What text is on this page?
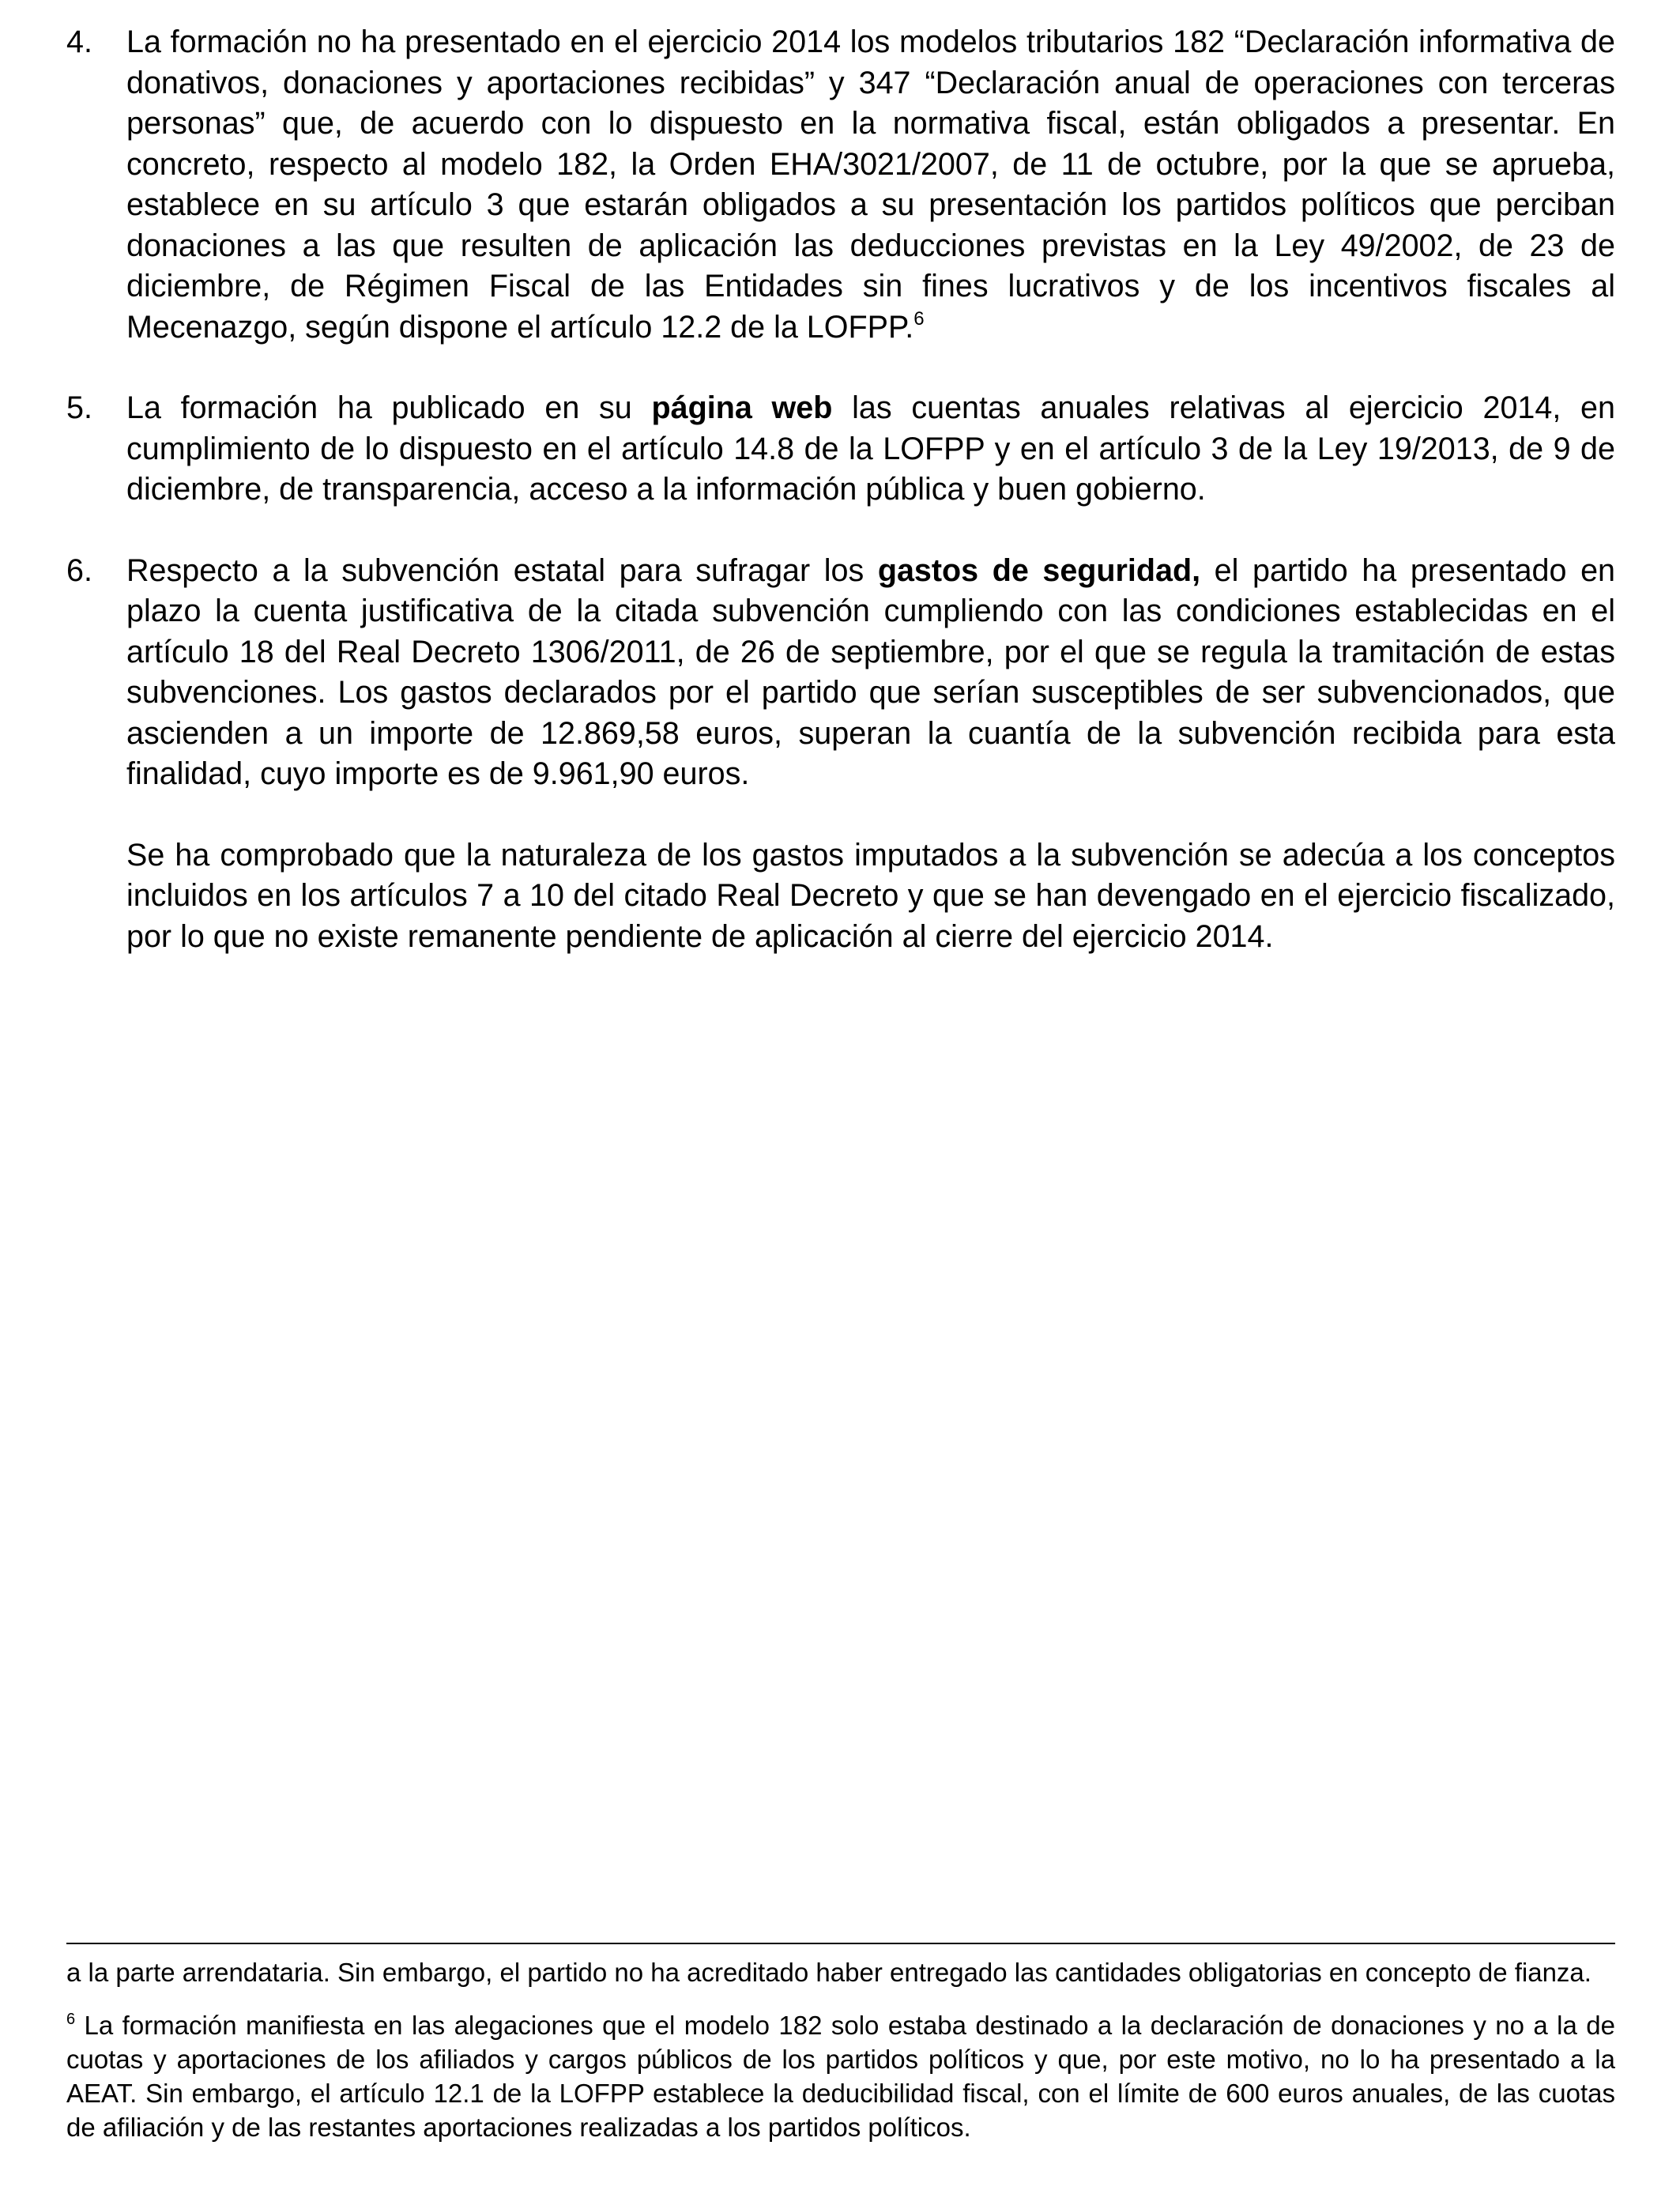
4. La formación no ha presentado en el ejercicio 2014 los modelos tributarios 182 “Declaración informativa de donativos, donaciones y aportaciones recibidas” y 347 “Declaración anual de operaciones con terceras personas” que, de acuerdo con lo dispuesto en la normativa fiscal, están obligados a presentar. En concreto, respecto al modelo 182, la Orden EHA/3021/2007, de 11 de octubre, por la que se aprueba, establece en su artículo 3 que estarán obligados a su presentación los partidos políticos que perciban donaciones a las que resulten de aplicación las deducciones previstas en la Ley 49/2002, de 23 de diciembre, de Régimen Fiscal de las Entidades sin fines lucrativos y de los incentivos fiscales al Mecenazgo, según dispone el artículo 12.2 de la LOFPP.$^6$

5. La formación ha publicado en su página web las cuentas anuales relativas al ejercicio 2014, en cumplimiento de lo dispuesto en el artículo 14.8 de la LOFPP y en el artículo 3 de la Ley 19/2013, de 9 de diciembre, de transparencia, acceso a la información pública y buen gobierno.

6. Respecto a la subvención estatal para sufragar los gastos de seguridad, el partido ha presentado en plazo la cuenta justificativa de la citada subvención cumpliendo con las condiciones establecidas en el artículo 18 del Real Decreto 1306/2011, de 26 de septiembre, por el que se regula la tramitación de estas subvenciones. Los gastos declarados por el partido que serían susceptibles de ser subvencionados, que ascienden a un importe de 12.869,58 euros, superan la cuantía de la subvención recibida para esta finalidad, cuyo importe es de 9.961,90 euros.

Se ha comprobado que la naturaleza de los gastos imputados a la subvención se adecúa a los conceptos incluidos en los artículos 7 a 10 del citado Real Decreto y que se han devengado en el ejercicio fiscalizado, por lo que no existe remanente pendiente de aplicación al cierre del ejercicio 2014.

a la parte arrendataria. Sin embargo, el partido no ha acreditado haber entregado las cantidades obligatorias en concepto de fianza.

$^6$ La formación manifiesta en las alegaciones que el modelo 182 solo estaba destinado a la declaración de donaciones y no a la de cuotas y aportaciones de los afiliados y cargos públicos de los partidos políticos y que, por este motivo, no lo ha presentado a la AEAT. Sin embargo, el artículo 12.1 de la LOFPP establece la deducibilidad fiscal, con el límite de 600 euros anuales, de las cuotas de afiliación y de las restantes aportaciones realizadas a los partidos políticos.
